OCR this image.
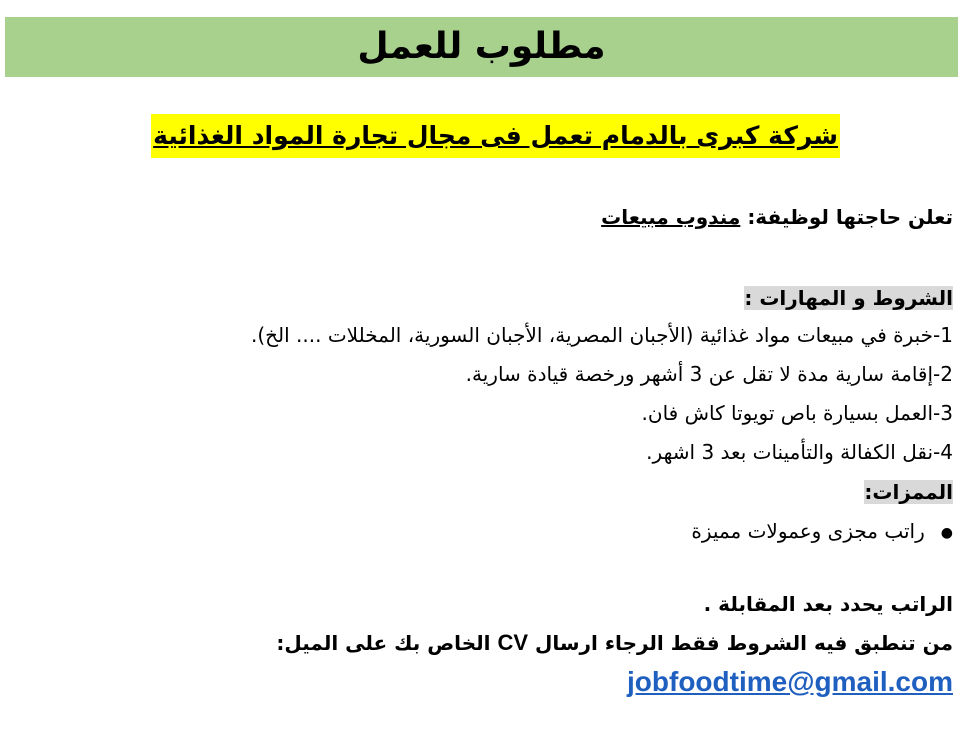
مطلوب للعمل
شركة كبرى بالدمام تعمل فى مجال تجارة المواد الغذائية
تعلن حاجتها لوظيفة: مندوب مبيعات
الشروط و المهارات :
1-خبرة في مبيعات مواد غذائية (الأجبان المصرية، الأجبان السورية، المخللات .... الخ).
2-إقامة سارية مدة لا تقل عن 3 أشهر ورخصة قيادة سارية.
3-العمل بسيارة باص تويوتا كاش فان.
4-نقل الكفالة والتأمينات بعد 3 اشهر.
الممزات:
●راتب مجزى وعمولات مميزة
الراتب يحدد بعد المقابلة .
من تنطبق فيه الشروط فقط الرجاء ارسال CV الخاص بك على الميل:
jobfoodtime@gmail.com
